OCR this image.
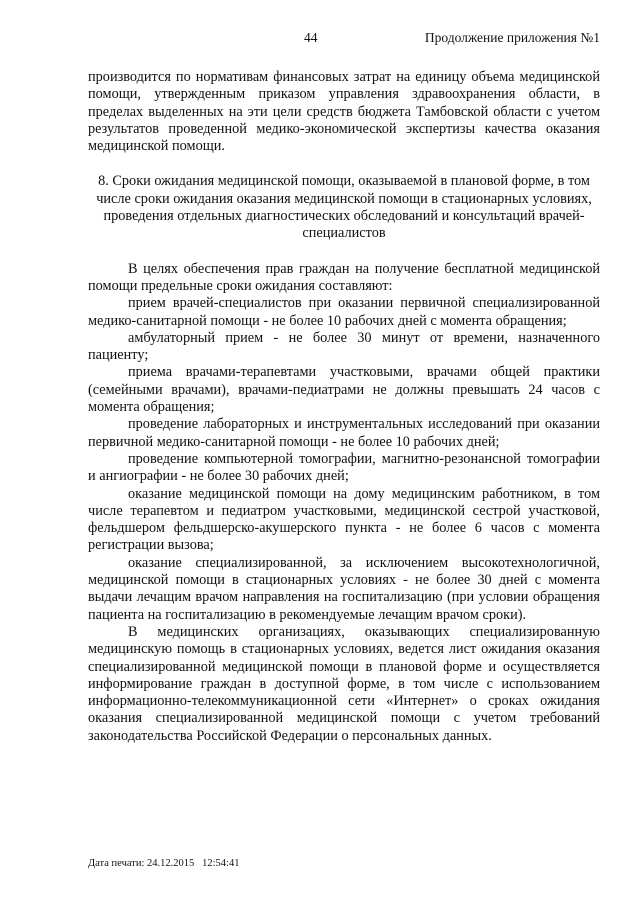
44	Продолжение приложения №1

производится по нормативам финансовых затрат на единицу объема медицинской помощи, утвержденным приказом управления здравоохранения области, в пределах выделенных на эти цели средств бюджета Тамбовской области с учетом результатов проведенной медико-экономической экспертизы качества оказания медицинской помощи.

8. Сроки ожидания медицинской помощи, оказываемой в плановой форме, в том числе сроки ожидания оказания медицинской помощи в стационарных условиях, проведения отдельных диагностических обследований и консультаций врачей-специалистов

В целях обеспечения прав граждан на получение бесплатной медицинской помощи предельные сроки ожидания составляют:

прием врачей-специалистов при оказании первичной специализированной медико-санитарной помощи - не более 10 рабочих дней с момента обращения;

амбулаторный прием - не более 30 минут от времени, назначенного пациенту;

приема врачами-терапевтами участковыми, врачами общей практики (семейными врачами), врачами-педиатрами не должны превышать 24 часов с момента обращения;

проведение лабораторных и инструментальных исследований при оказании первичной медико-санитарной помощи - не более 10 рабочих дней;

проведение компьютерной томографии, магнитно-резонансной томографии и ангиографии - не более 30 рабочих дней;

оказание медицинской помощи на дому медицинским работником, в том числе терапевтом и педиатром участковыми, медицинской сестрой участковой, фельдшером фельдшерско-акушерского пункта - не более 6 часов с момента регистрации вызова;

оказание специализированной, за исключением высокотехнологичной, медицинской помощи в стационарных условиях - не более 30 дней с момента выдачи лечащим врачом направления на госпитализацию (при условии обращения пациента на госпитализацию в рекомендуемые лечащим врачом сроки).

В медицинских организациях, оказывающих специализированную медицинскую помощь в стационарных условиях, ведется лист ожидания оказания специализированной медицинской помощи в плановой форме и осуществляется информирование граждан в доступной форме, в том числе с использованием информационно-телекоммуникационной сети «Интернет» о сроках ожидания оказания специализированной медицинской помощи с учетом требований законодательства Российской Федерации о персональных данных.

Дата печати: 24.12.2015   12:54:41
